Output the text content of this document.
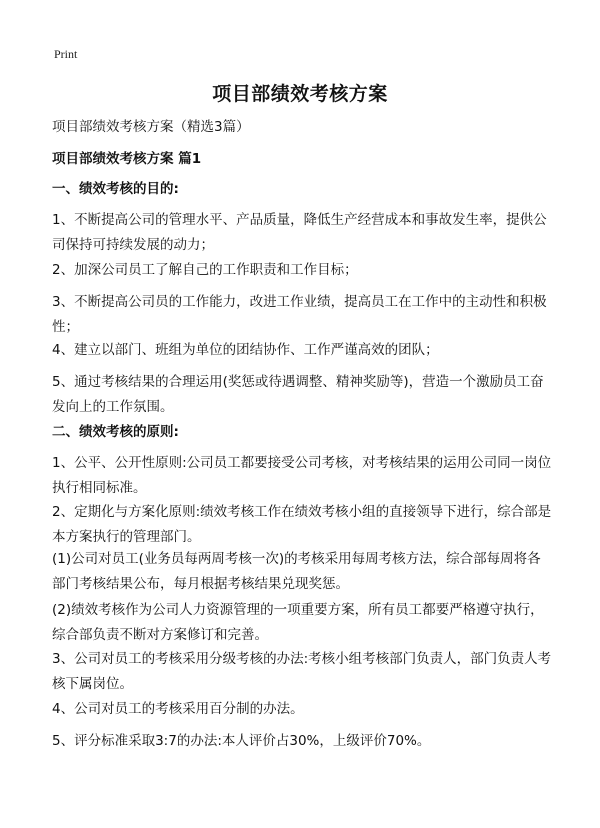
Print
项目部绩效考核方案

项目部绩效考核方案（精选3篇）

项目部绩效考核方案 篇1

一、绩效考核的目的:

1、不断提高公司的管理水平、产品质量，降低生产经营成本和事故发生率，提供公司保持可持续发展的动力；

2、加深公司员工了解自己的工作职责和工作目标；

3、不断提高公司员的工作能力，改进工作业绩，提高员工在工作中的主动性和积极性；

4、建立以部门、班组为单位的团结协作、工作严谨高效的团队；

5、通过考核结果的合理运用(奖惩或待遇调整、精神奖励等)，营造一个激励员工奋发向上的工作氛围。

二、绩效考核的原则:

1、公平、公开性原则:公司员工都要接受公司考核，对考核结果的运用公司同一岗位执行相同标准。

2、定期化与方案化原则:绩效考核工作在绩效考核小组的直接领导下进行，综合部是本方案执行的管理部门。

(1)公司对员工(业务员每两周考核一次)的考核采用每周考核方法，综合部每周将各部门考核结果公布，每月根据考核结果兑现奖惩。

(2)绩效考核作为公司人力资源管理的一项重要方案，所有员工都要严格遵守执行，综合部负责不断对方案修订和完善。

3、公司对员工的考核采用分级考核的办法:考核小组考核部门负责人，部门负责人考核下属岗位。

4、公司对员工的考核采用百分制的办法。

5、评分标准采取3:7的办法:本人评价占30%，上级评价70%。
